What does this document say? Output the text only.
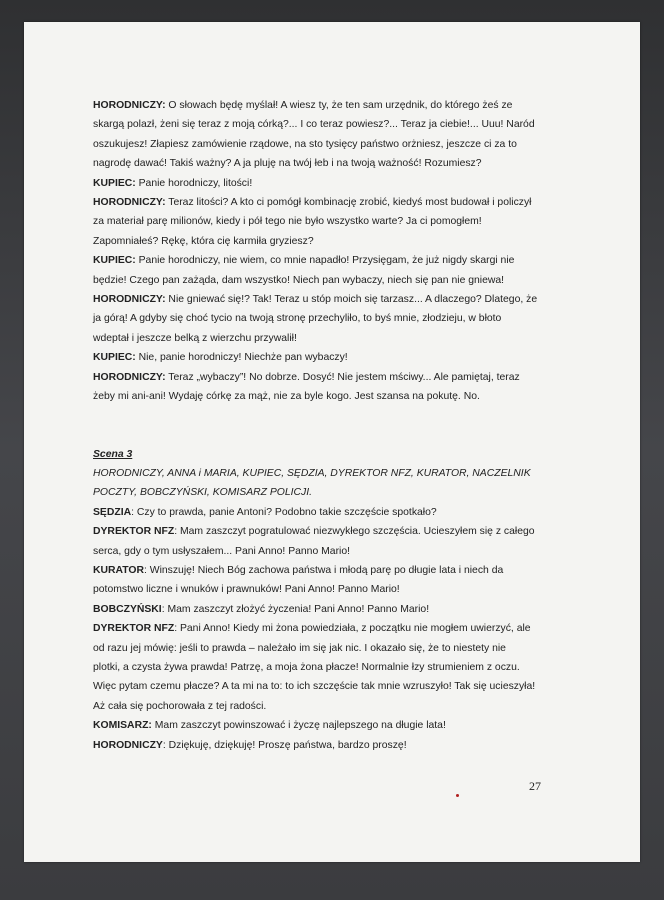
HORODNICZY: O słowach będę myślał! A wiesz ty, że ten sam urzędnik, do którego żeś ze
skargą polazł, żeni się teraz z moją córką?... I co teraz powiesz?... Teraz ja ciebie!... Uuu! Naród
oszukujesz! Złapiesz zamówienie rządowe, na sto tysięcy państwo orżniesz, jeszcze ci za to
nagrodę dawać! Takiś ważny? A ja pluję na twój łeb i na twoją ważność! Rozumiesz?
KUPIEC: Panie horodniczy, litości!
HORODNICZY: Teraz litości? A kto ci pomógł kombinację zrobić, kiedyś most budował i policzył
za materiał parę milionów, kiedy i pół tego nie było wszystko warte? Ja ci pomogłem!
Zapomniałeś? Rękę, która cię karmiła gryziesz?
KUPIEC: Panie horodniczy, nie wiem, co mnie napadło! Przysięgam, że już nigdy skargi nie
będzie! Czego pan zażąda, dam wszystko! Niech pan wybaczy, niech się pan nie gniewa!
HORODNICZY: Nie gniewać się!? Tak! Teraz u stóp moich się tarzasz... A dlaczego? Dlatego, że
ja górą! A gdyby się choć tycio na twoją stronę przechyliło, to byś mnie, złodzieju, w błoto
wdeptał i jeszcze belką z wierzchu przywalił!
KUPIEC: Nie, panie horodniczy! Niechże pan wybaczy!
HORODNICZY: Teraz „wybaczy”! No dobrze. Dosyć! Nie jestem mściwy... Ale pamiętaj, teraz
żeby mi ani-ani! Wydaję córkę za mąż, nie za byle kogo. Jest szansa na pokutę. No.
Scena 3
HORODNICZY, ANNA i MARIA, KUPIEC, SĘDZIA, DYREKTOR NFZ, KURATOR, NACZELNIK
POCZTY, BOBCZYŃSKI, KOMISARZ POLICJI.
SĘDZIA: Czy to prawda, panie Antoni? Podobno takie szczęście spotkało?
DYREKTOR NFZ: Mam zaszczyt pogratulować niezwykłego szczęścia. Ucieszyłem się z całego
serca, gdy o tym usłyszałem... Pani Anno! Panno Mario!
KURATOR: Winszuję! Niech Bóg zachowa państwa i młodą parę po długie lata i niech da
potomstwo liczne i wnuków i prawnuków! Pani Anno! Panno Mario!
BOBCZYŃSKI: Mam zaszczyt złożyć życzenia! Pani Anno! Panno Mario!
DYREKTOR NFZ: Pani Anno! Kiedy mi żona powiedziała, z początku nie mogłem uwierzyć, ale
od razu jej mówię: jeśli to prawda – należało im się jak nic. I okazało się, że to niestety nie
plotki, a czysta żywa prawda! Patrzę, a moja żona płacze! Normalnie łzy strumieniem z oczu.
Więc pytam czemu płacze? A ta mi na to: to ich szczęście tak mnie wzruszyło! Tak się ucieszyła!
Aż cała się pochorowała z tej radości.
KOMISARZ: Mam zaszczyt powinszować i życzę najlepszego na długie lata!
HORODNICZY: Dziękuję, dziękuję! Proszę państwa, bardzo proszę!
27
